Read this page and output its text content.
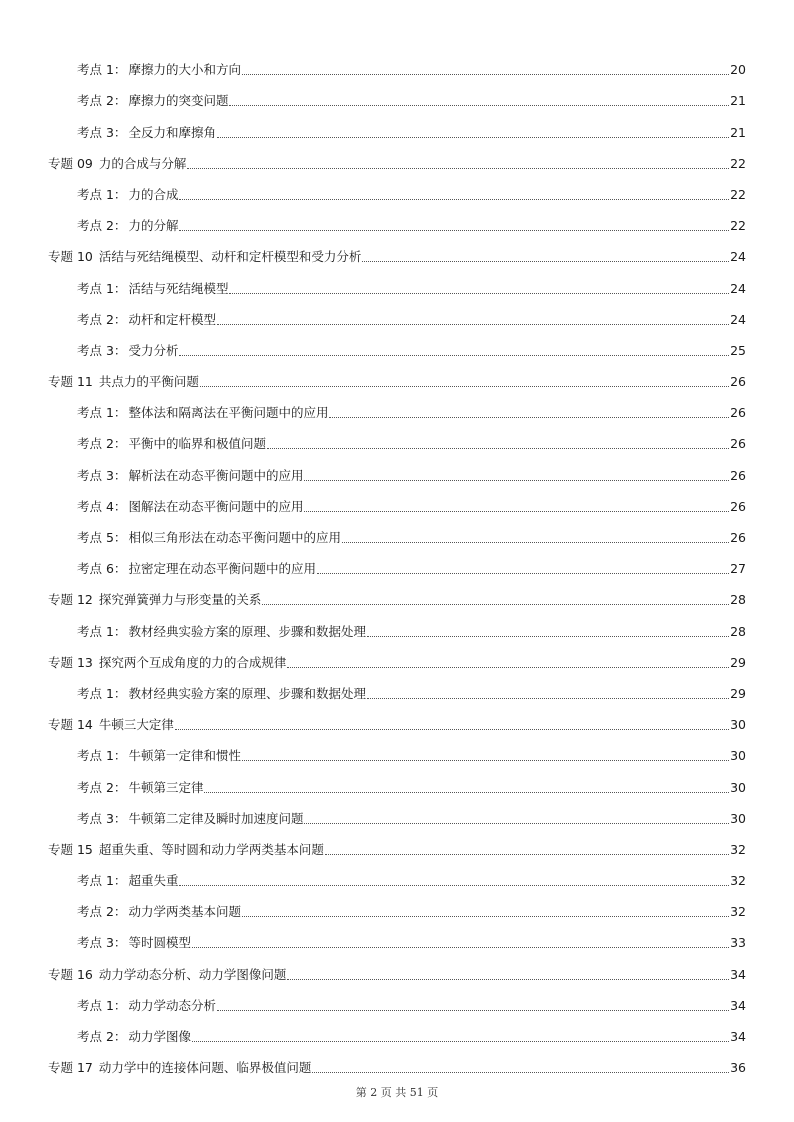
考点 1： 摩擦力的大小和方向	20
考点 2： 摩擦力的突变问题	21
考点 3： 全反力和摩擦角	21
专题 09 力的合成与分解	22
考点 1： 力的合成	22
考点 2： 力的分解	22
专题 10 活结与死结绳模型、动杆和定杆模型和受力分析	24
考点 1： 活结与死结绳模型	24
考点 2： 动杆和定杆模型	24
考点 3： 受力分析	25
专题 11 共点力的平衡问题	26
考点 1： 整体法和隔离法在平衡问题中的应用	26
考点 2： 平衡中的临界和极值问题	26
考点 3： 解析法在动态平衡问题中的应用	26
考点 4： 图解法在动态平衡问题中的应用	26
考点 5： 相似三角形法在动态平衡问题中的应用	26
考点 6： 拉密定理在动态平衡问题中的应用	27
专题 12 探究弹簧弹力与形变量的关系	28
考点 1： 教材经典实验方案的原理、步骤和数据处理	28
专题 13 探究两个互成角度的力的合成规律	29
考点 1： 教材经典实验方案的原理、步骤和数据处理	29
专题 14 牛顿三大定律	30
考点 1： 牛顿第一定律和惯性	30
考点 2： 牛顿第三定律	30
考点 3： 牛顿第二定律及瞬时加速度问题	30
专题 15 超重失重、等时圆和动力学两类基本问题	32
考点 1： 超重失重	32
考点 2： 动力学两类基本问题	32
考点 3： 等时圆模型	33
专题 16 动力学动态分析、动力学图像问题	34
考点 1： 动力学动态分析	34
考点 2： 动力学图像	34
专题 17 动力学中的连接体问题、临界极值问题	36
第 2 页 共 51 页
